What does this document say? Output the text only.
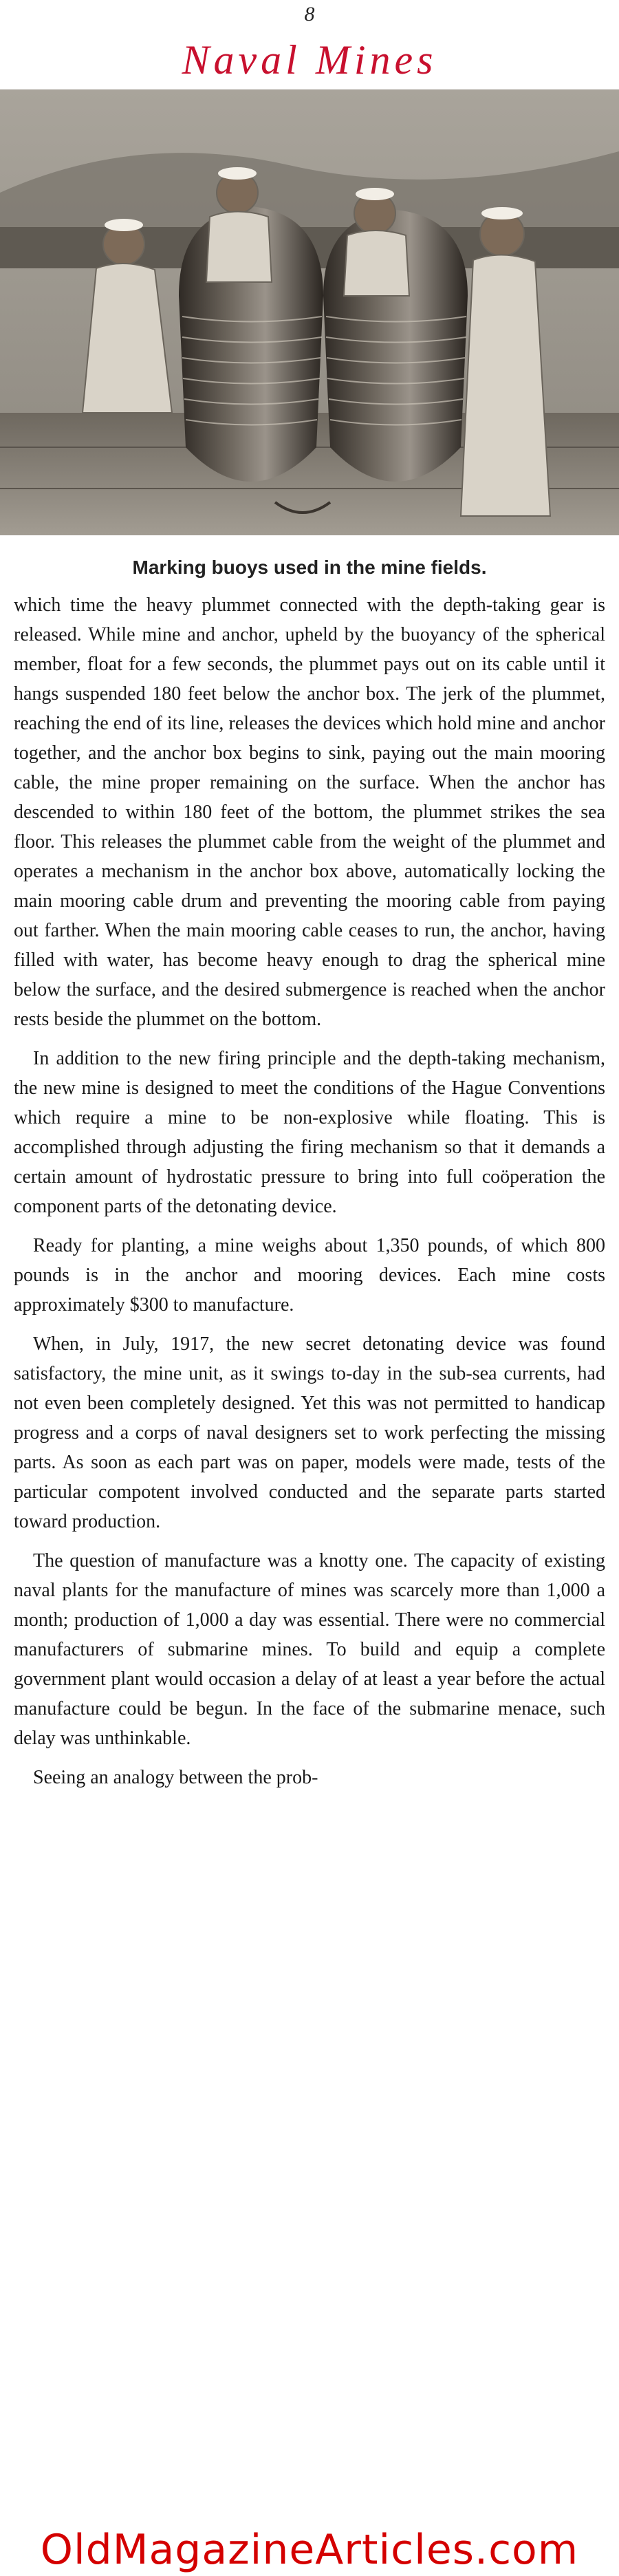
8
Naval Mines
Marking buoys used in the mine fields.

which time the heavy plummet connected with the depth-taking gear is released. While mine and anchor, upheld by the buoyancy of the spherical member, float for a few seconds, the plummet pays out on its cable until it hangs suspended 180 feet below the anchor box. The jerk of the plummet, reaching the end of its line, releases the devices which hold mine and anchor together, and the anchor box begins to sink, paying out the main mooring cable, the mine proper remaining on the surface. When the anchor has descended to within 180 feet of the bottom, the plummet strikes the sea floor. This releases the plummet cable from the weight of the plummet and operates a mechanism in the anchor box above, automatically locking the main mooring cable drum and preventing the mooring cable from paying out farther. When the main mooring cable ceases to run, the anchor, having filled with water, has become heavy enough to drag the spherical mine below the surface, and the desired submergence is reached when the anchor rests beside the plummet on the bottom.

In addition to the new firing principle and the depth-taking mechanism, the new mine is designed to meet the conditions of the Hague Conventions which require a mine to be non-explosive while floating. This is accomplished through adjusting the firing mechanism so that it demands a certain amount of hydrostatic pressure to bring into full coöperation the component parts of the detonating device.

Ready for planting, a mine weighs about 1,350 pounds, of which 800 pounds is in the anchor and mooring devices. Each mine costs approximately $300 to manufacture.

When, in July, 1917, the new secret detonating device was found satisfactory, the mine unit, as it swings to-day in the sub-sea currents, had not even been completely designed. Yet this was not permitted to handicap progress and a corps of naval designers set to work perfecting the missing parts. As soon as each part was on paper, models were made, tests of the particular compotent involved conducted and the separate parts started toward production.

The question of manufacture was a knotty one. The capacity of existing naval plants for the manufacture of mines was scarcely more than 1,000 a month; production of 1,000 a day was essential. There were no commercial manufacturers of submarine mines. To build and equip a complete government plant would occasion a delay of at least a year before the actual manufacture could be begun. In the face of the submarine menace, such delay was unthinkable.

Seeing an analogy between the prob-

OldMagazineArticles.com
